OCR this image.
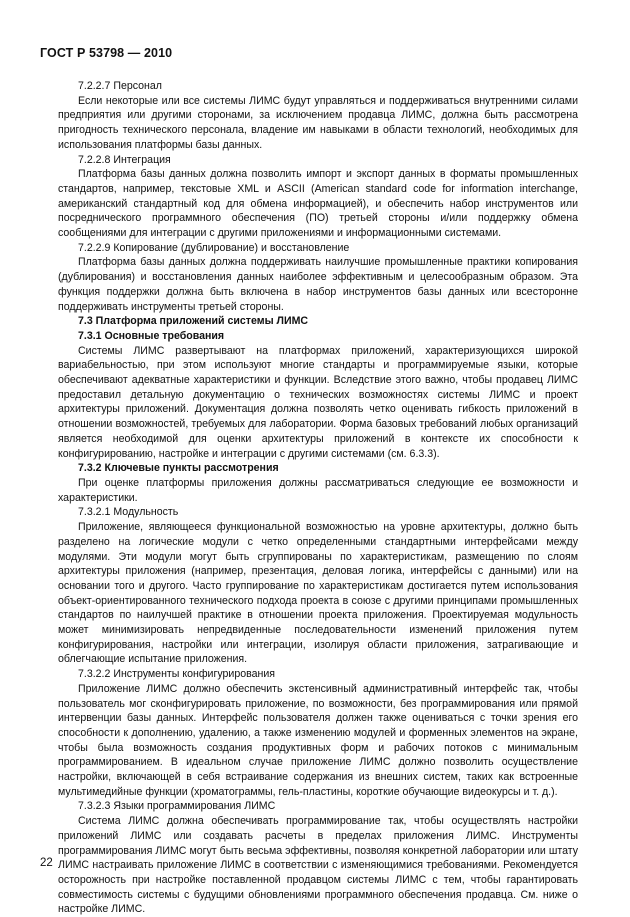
ГОСТ Р 53798 — 2010

7.2.2.7 Персонал

Если некоторые или все системы ЛИМС будут управляться и поддерживаться внутренними силами предприятия или другими сторонами, за исключением продавца ЛИМС, должна быть рассмотрена пригодность технического персонала, владение им навыками в области технологий, необходимых для использования платформы базы данных.

7.2.2.8 Интеграция

Платформа базы данных должна позволить импорт и экспорт данных в форматы промышленных стандартов, например, текстовые XML и ASCII (American standard code for information interchange, американский стандартный код для обмена информацией), и обеспечить набор инструментов или посреднического программного обеспечения (ПО) третьей стороны и/или поддержку обмена сообщениями для интеграции с другими приложениями и информационными системами.

7.2.2.9 Копирование (дублирование) и восстановление

Платформа базы данных должна поддерживать наилучшие промышленные практики копирования (дублирования) и восстановления данных наиболее эффективным и целесообразным образом. Эта функция поддержки должна быть включена в набор инструментов базы данных или всесторонне поддерживать инструменты третьей стороны.

7.3 Платформа приложений системы ЛИМС

7.3.1 Основные требования

Системы ЛИМС развертывают на платформах приложений, характеризующихся широкой вариабельностью, при этом используют многие стандарты и программируемые языки, которые обеспечивают адекватные характеристики и функции. Вследствие этого важно, чтобы продавец ЛИМС предоставил детальную документацию о технических возможностях системы ЛИМС и проект архитектуры приложений. Документация должна позволять четко оценивать гибкость приложений в отношении возможностей, требуемых для лаборатории. Форма базовых требований любых организаций является необходимой для оценки архитектуры приложений в контексте их способности к конфигурированию, настройке и интеграции с другими системами (см. 6.3.3).

7.3.2 Ключевые пункты рассмотрения

При оценке платформы приложения должны рассматриваться следующие ее возможности и характеристики.

7.3.2.1 Модульность

Приложение, являющееся функциональной возможностью на уровне архитектуры, должно быть разделено на логические модули с четко определенными стандартными интерфейсами между модулями. Эти модули могут быть сгруппированы по характеристикам, размещению по слоям архитектуры приложения (например, презентация, деловая логика, интерфейсы с данными) или на основании того и другого. Часто группирование по характеристикам достигается путем использования объект-ориентированного технического подхода проекта в союзе с другими принципами промышленных стандартов по наилучшей практике в отношении проекта приложения. Проектируемая модульность может минимизировать непредвиденные последовательности изменений приложения путем конфигурирования, настройки или интеграции, изолируя области приложения, затрагивающие и облегчающие испытание приложения.

7.3.2.2 Инструменты конфигурирования

Приложение ЛИМС должно обеспечить экстенсивный административный интерфейс так, чтобы пользователь мог сконфигурировать приложение, по возможности, без программирования или прямой интервенции базы данных. Интерфейс пользователя должен также оцениваться с точки зрения его способности к дополнению, удалению, а также изменению модулей и форменных элементов на экране, чтобы была возможность создания продуктивных форм и рабочих потоков с минимальным программированием. В идеальном случае приложение ЛИМС должно позволить осуществление настройки, включающей в себя встраивание содержания из внешних систем, таких как встроенные мультимедийные функции (хроматограммы, гель-пластины, короткие обучающие видеокурсы и т. д.).

7.3.2.3 Языки программирования ЛИМС

Система ЛИМС должна обеспечивать программирование так, чтобы осуществлять настройки приложений ЛИМС или создавать расчеты в пределах приложения ЛИМС. Инструменты программирования ЛИМС могут быть весьма эффективны, позволяя конкретной лаборатории или штату ЛИМС настраивать приложение ЛИМС в соответствии с изменяющимися требованиями. Рекомендуется осторожность при настройке поставленной продавцом системы ЛИМС с тем, чтобы гарантировать совместимость системы с будущими обновлениями программного обеспечения продавца. См. ниже о настройке ЛИМС.

22
